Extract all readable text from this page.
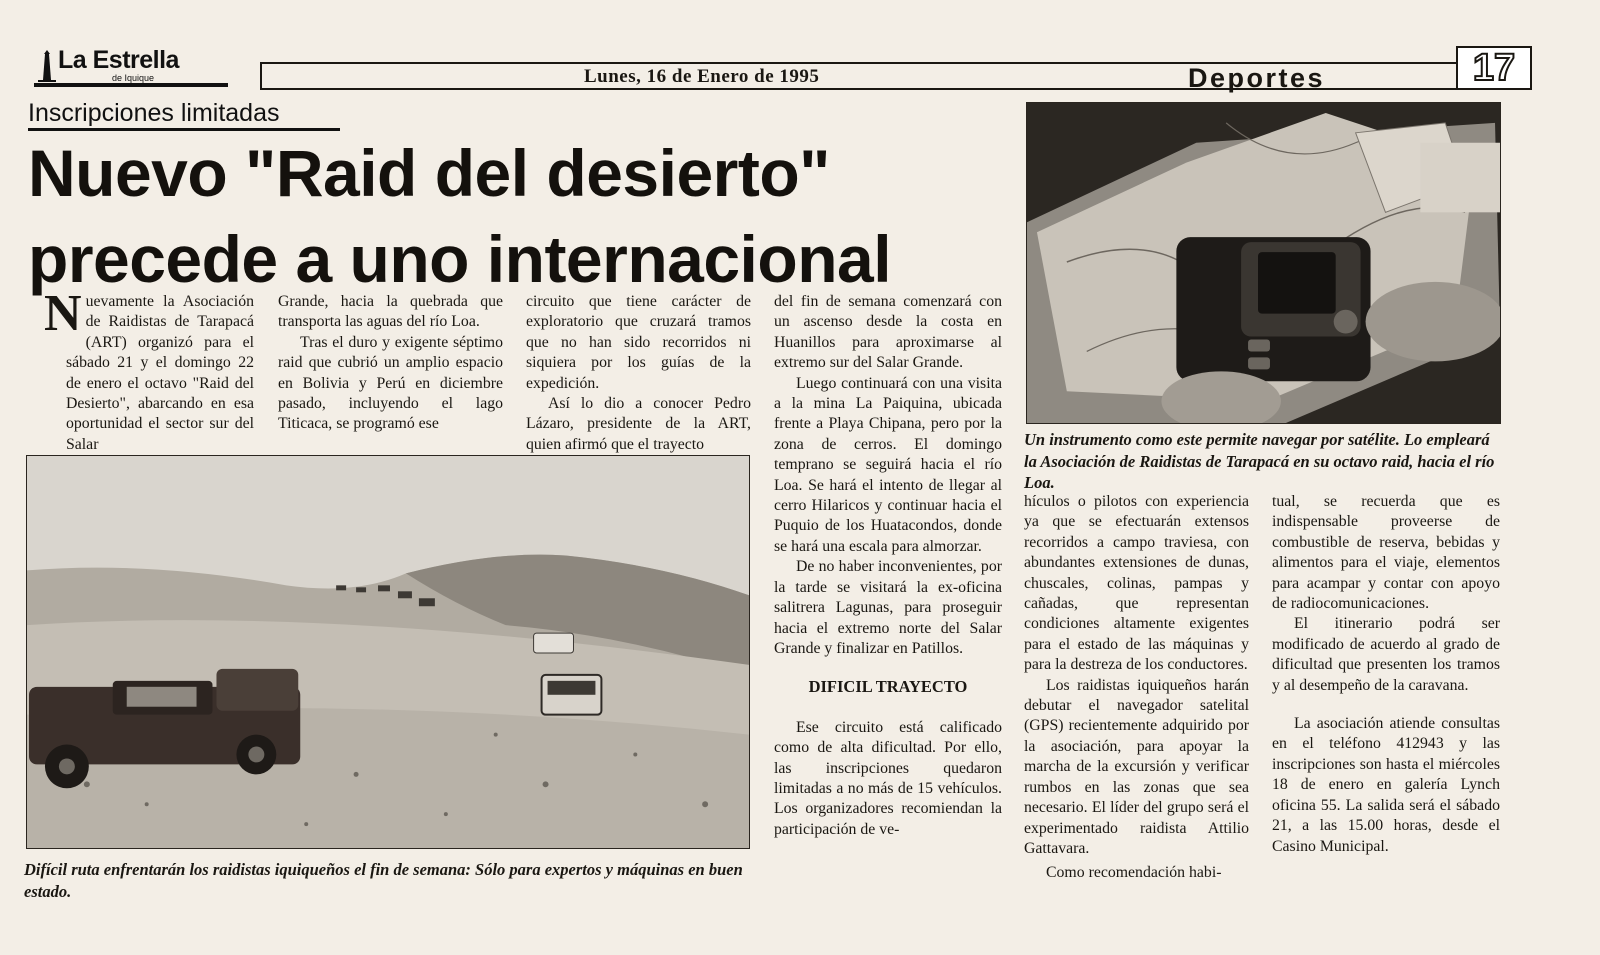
La Estrella
de Iquique	Lunes, 16 de Enero de 1995	Deportes	17
Inscripciones limitadas
Nuevo "Raid del desierto"
precede a uno internacional

Nuevamente la Asociación de Raidistas de Tarapacá (ART) organizó para el sábado 21 y el domingo 22 de enero el octavo "Raid del Desierto", abarcando en esa oportunidad el sector sur del Salar

Grande, hacia la quebrada que transporta las aguas del río Loa.

Tras el duro y exigente séptimo raid que cubrió un amplio espacio en Bolivia y Perú en diciembre pasado, incluyendo el lago Titicaca, se programó ese

circuito que tiene carácter de exploratorio que cruzará tramos que no han sido recorridos ni siquiera por los guías de la expedición.

Así lo dio a conocer Pedro Lázaro, presidente de la ART, quien afirmó que el trayecto

del fin de semana comenzará con un ascenso desde la costa en Huanillos para aproximarse al extremo sur del Salar Grande.

Luego continuará con una visita a la mina La Paiquina, ubicada frente a Playa Chipana, pero por la zona de cerros. El domingo temprano se seguirá hacia el río Loa. Se hará el intento de llegar al cerro Hilaricos y continuar hacia el Puquio de los Huatacondos, donde se hará una escala para almorzar.

De no haber inconvenientes, por la tarde se visitará la ex-oficina salitrera Lagunas, para proseguir hacia el extremo norte del Salar Grande y finalizar en Patillos.

DIFICIL TRAYECTO

Ese circuito está calificado como de alta dificultad. Por ello, las inscripciones quedaron limitadas a no más de 15 vehículos. Los organizadores recomiendan la participación de ve-

hículos o pilotos con experiencia ya que se efectuarán extensos recorridos a campo traviesa, con abundantes extensiones de dunas, chuscales, colinas, pampas y cañadas, que representan condiciones altamente exigentes para el estado de las máquinas y para la destreza de los conductores.

Los raidistas iquiqueños harán debutar el navegador satelital (GPS) recientemente adquirido por la asociación, para apoyar la marcha de la excursión y verificar rumbos en las zonas que sea necesario. El líder del grupo será el experimentado raidista Attilio Gattavara.

Como recomendación habi-

tual, se recuerda que es indispensable proveerse de combustible de reserva, bebidas y alimentos para el viaje, elementos para acampar y contar con apoyo de radiocomunicaciones.

El itinerario podrá ser modificado de acuerdo al grado de dificultad que presenten los tramos y al desempeño de la caravana.

La asociación atiende consultas en el teléfono 412943 y las inscripciones son hasta el miércoles 18 de enero en galería Lynch oficina 55. La salida será el sábado 21, a las 15.00 horas, desde el Casino Municipal.

Un instrumento como este permite navegar por satélite. Lo empleará la Asociación de Raidistas de Tarapacá en su octavo raid, hacia el río Loa.

Difícil ruta enfrentarán los raidistas iquiqueños el fin de semana: Sólo para expertos y máquinas en buen estado.
